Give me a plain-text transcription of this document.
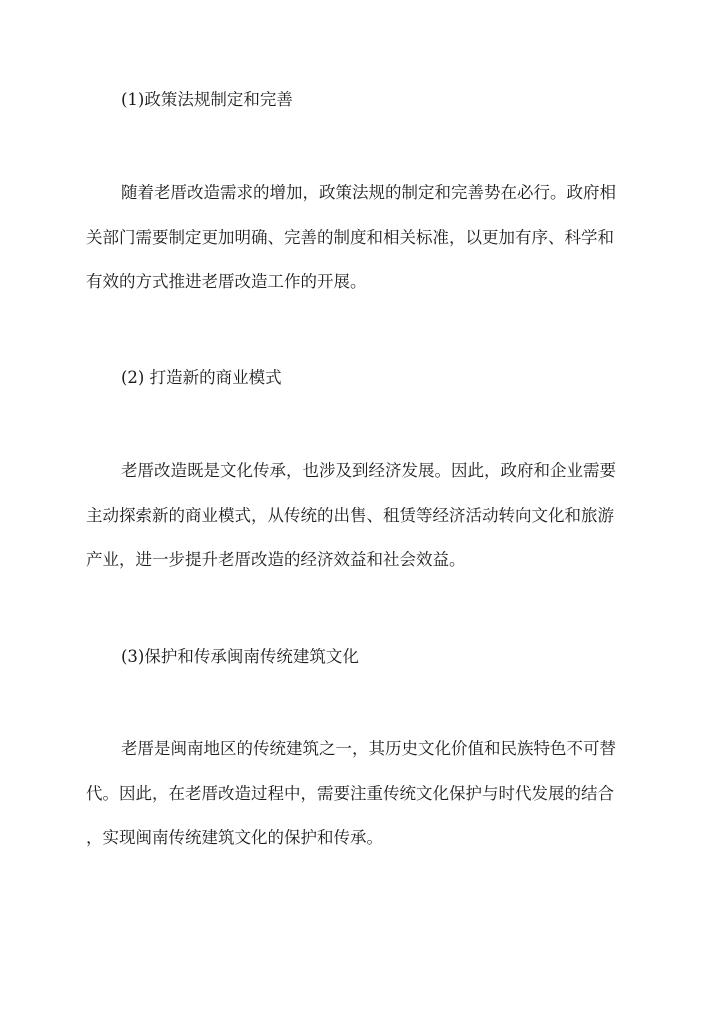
(1)政策法规制定和完善

随着老厝改造需求的增加，政策法规的制定和完善势在必行。政府相

关部门需要制定更加明确、完善的制度和相关标准，以更加有序、科学和

有效的方式推进老厝改造工作的开展。

(2) 打造新的商业模式

老厝改造既是文化传承，也涉及到经济发展。因此，政府和企业需要

主动探索新的商业模式，从传统的出售、租赁等经济活动转向文化和旅游

产业，进一步提升老厝改造的经济效益和社会效益。

(3)保护和传承闽南传统建筑文化

老厝是闽南地区的传统建筑之一，其历史文化价值和民族特色不可替

代。因此，在老厝改造过程中，需要注重传统文化保护与时代发展的结合

，实现闽南传统建筑文化的保护和传承。
